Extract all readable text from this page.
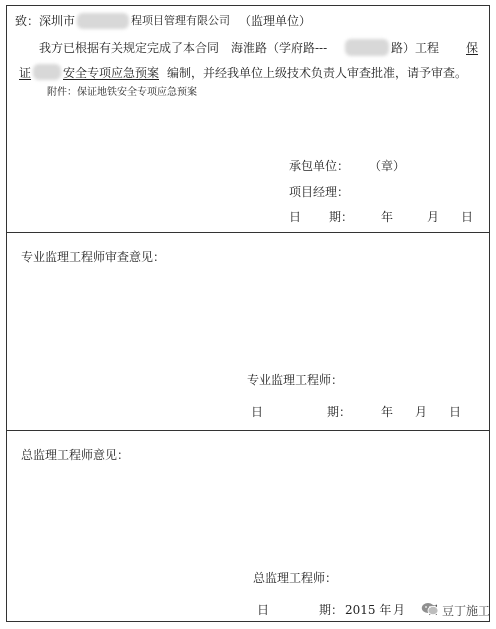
致： 深圳市	程项目管理有限公司 （监理单位）
我方已根据有关规定完成了本合同 海淮路（学府路---	路）工程 保
证	安全专项应急预案 编制，并经我单位上级技术负责人审查批准，请予审查。
附件：保证地铁安全专项应急预案
承包单位： （章）
项目经理：
日 期： 年	月 日
专业监理工程师审查意见：
专业监理工程师：
日	期： 年 月 日
总监理工程师意见：
总监理工程师：
日	期： 2015 年 月	豆丁施工
